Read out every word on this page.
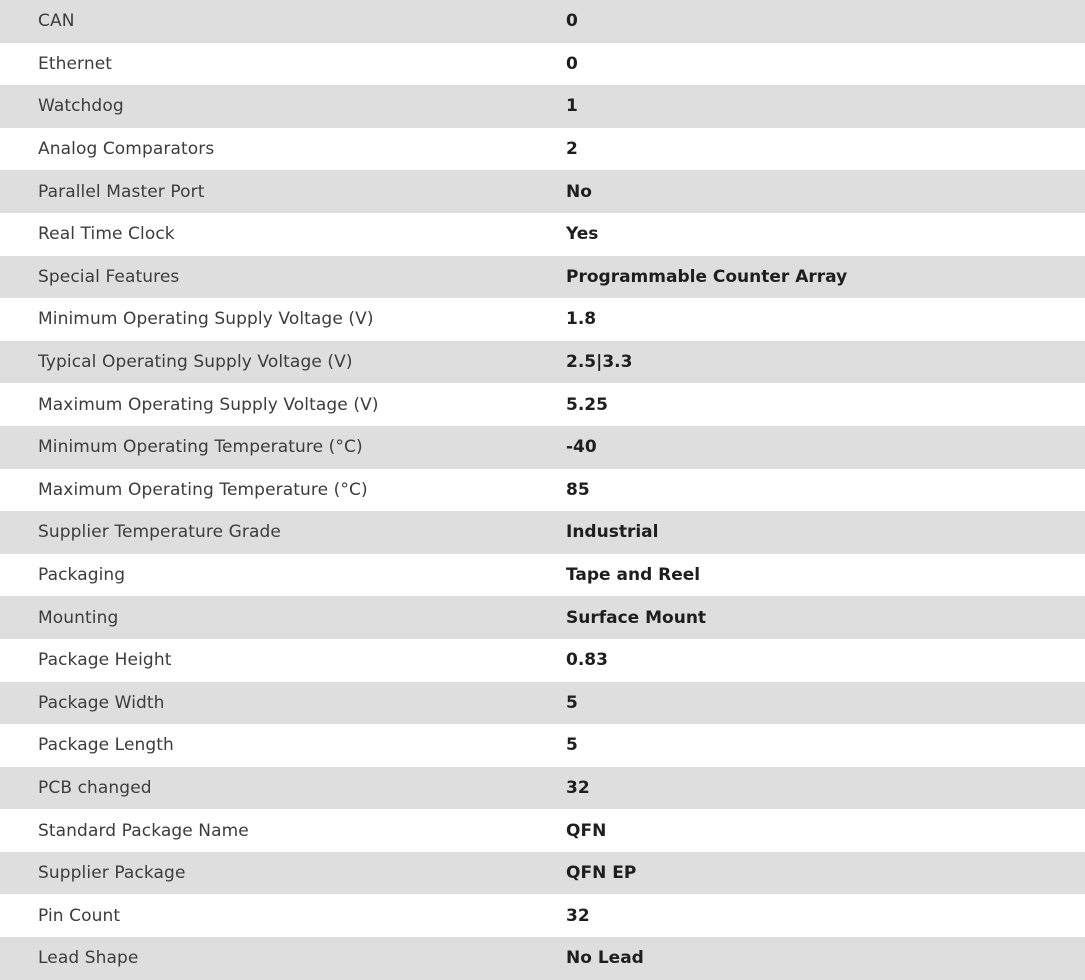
CAN	0
Ethernet	0
Watchdog	1
Analog Comparators	2
Parallel Master Port	No
Real Time Clock	Yes
Special Features	Programmable Counter Array
Minimum Operating Supply Voltage (V)	1.8
Typical Operating Supply Voltage (V)	2.5|3.3
Maximum Operating Supply Voltage (V)	5.25
Minimum Operating Temperature (°C)	-40
Maximum Operating Temperature (°C)	85
Supplier Temperature Grade	Industrial
Packaging	Tape and Reel
Mounting	Surface Mount
Package Height	0.83
Package Width	5
Package Length	5
PCB changed	32
Standard Package Name	QFN
Supplier Package	QFN EP
Pin Count	32
Lead Shape	No Lead
